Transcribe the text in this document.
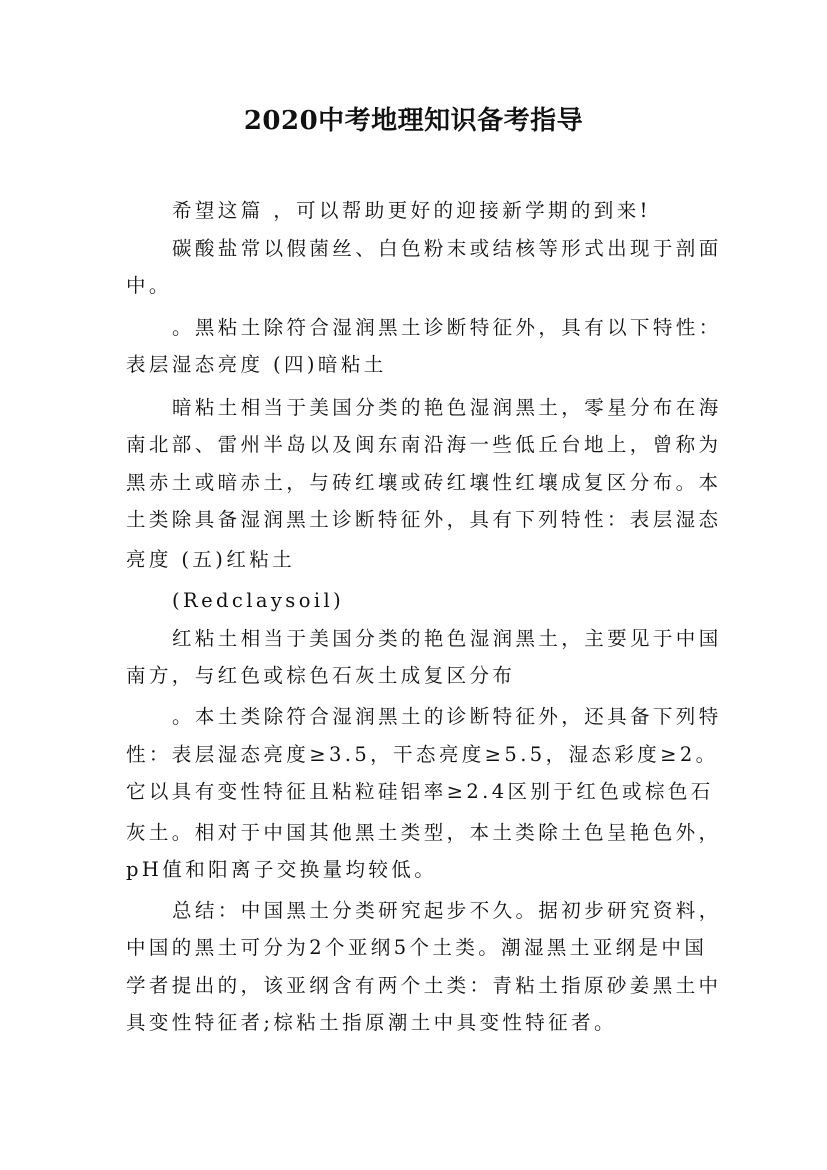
2020中考地理知识备考指导

希望这篇 ，可以帮助更好的迎接新学期的到来!

碳酸盐常以假菌丝、白色粉末或结核等形式出现于剖面

中。

。黑粘土除符合湿润黑土诊断特征外，具有以下特性：

表层湿态亮度 (四)暗粘土

暗粘土相当于美国分类的艳色湿润黑土，零星分布在海

南北部、雷州半岛以及闽东南沿海一些低丘台地上，曾称为

黑赤土或暗赤土，与砖红壤或砖红壤性红壤成复区分布。本

土类除具备湿润黑土诊断特征外，具有下列特性：表层湿态

亮度 (五)红粘土

(Redclaysoil)

红粘土相当于美国分类的艳色湿润黑土，主要见于中国

南方，与红色或棕色石灰土成复区分布

。本土类除符合湿润黑土的诊断特征外，还具备下列特

性：表层湿态亮度≥3.5，干态亮度≥5.5，湿态彩度≥2。

它以具有变性特征且粘粒硅铝率≥2.4区别于红色或棕色石

灰土。相对于中国其他黑土类型，本土类除土色呈艳色外，

pH值和阳离子交换量均较低。

总结：中国黑土分类研究起步不久。据初步研究资料，

中国的黑土可分为2个亚纲5个土类。潮湿黑土亚纲是中国

学者提出的，该亚纲含有两个土类：青粘土指原砂姜黑土中

具变性特征者;棕粘土指原潮土中具变性特征者。
